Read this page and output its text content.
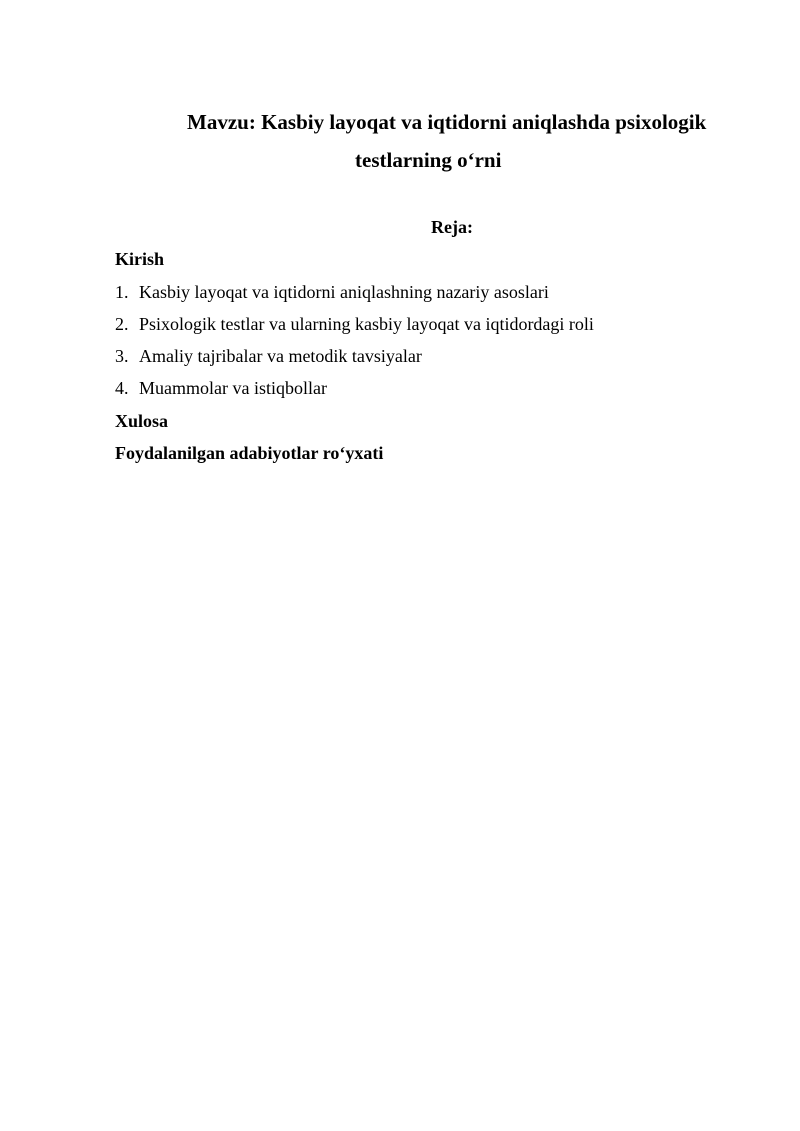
Mavzu: Kasbiy layoqat va iqtidorni aniqlashda psixologik
testlarning o‘rni
Reja:

Kirish

1. Kasbiy layoqat va iqtidorni aniqlashning nazariy asoslari

2. Psixologik testlar va ularning kasbiy layoqat va iqtidordagi roli

3. Amaliy tajribalar va metodik tavsiyalar

4. Muammolar va istiqbollar

Xulosa

Foydalanilgan adabiyotlar ro‘yxati
